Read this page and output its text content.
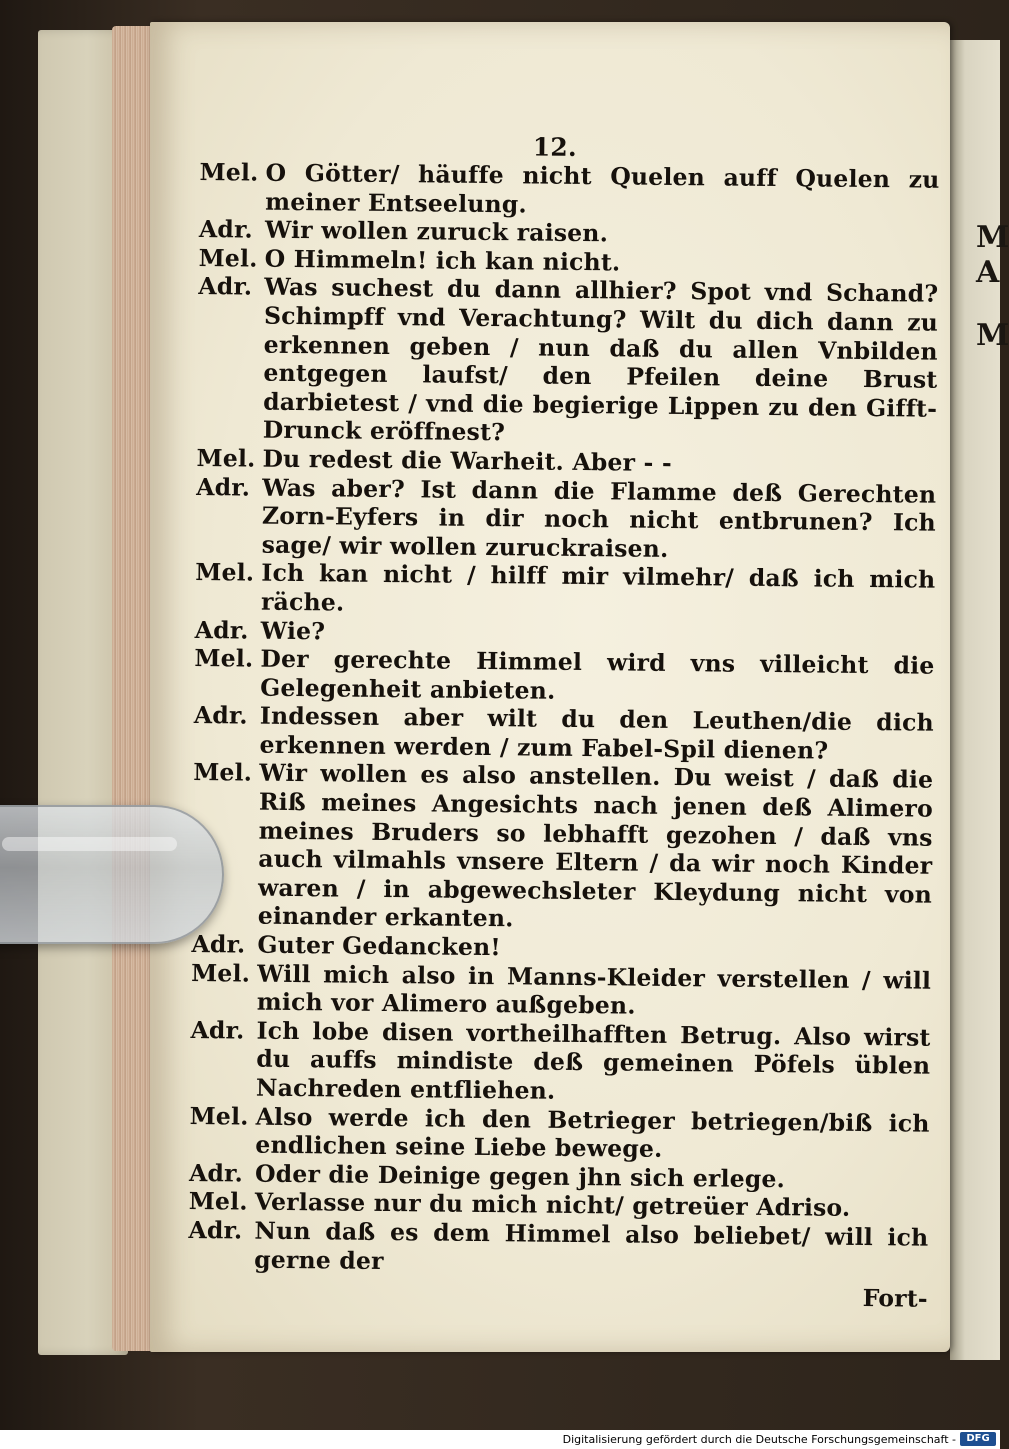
M
A
M
12.
Mel. O Götter/ häuffe nicht Quelen auff Quelen zu meiner Entseelung.
Adr. Wir wollen zuruck raisen.
Mel. O Himmeln! ich kan nicht.
Adr. Was suchest du dann allhier? Spot vnd Schand? Schimpff vnd Verachtung? Wilt du dich dann zu erkennen geben / nun daß du allen Vnbilden entgegen laufst/ den Pfeilen deine Brust darbietest / vnd die begierige Lippen zu den Gifft-Drunck eröffnest?
Mel. Du redest die Warheit. Aber - -
Adr. Was aber? Ist dann die Flamme deß Gerechten Zorn-Eyfers in dir noch nicht entbrunen? Ich sage/ wir wollen zuruckraisen.
Mel. Ich kan nicht / hilff mir vilmehr/ daß ich mich räche.
Adr. Wie?
Mel. Der gerechte Himmel wird vns villeicht die Gelegenheit anbieten.
Adr. Indessen aber wilt du den Leuthen/die dich erkennen werden / zum Fabel-Spil dienen?
Mel. Wir wollen es also anstellen. Du weist / daß die Riß meines Angesichts nach jenen deß Alimero meines Bruders so lebhafft gezohen / daß vns auch vilmahls vnsere Eltern / da wir noch Kinder waren / in abgewechsleter Kleydung nicht von einander erkanten.
Adr. Guter Gedancken!
Mel. Will mich also in Manns-Kleider verstellen / will mich vor Alimero außgeben.
Adr. Ich lobe disen vortheilhafften Betrug. Also wirst du auffs mindiste deß gemeinen Pöfels üblen Nachreden entfliehen.
Mel. Also werde ich den Betrieger betriegen/biß ich endlichen seine Liebe bewege.
Adr. Oder die Deinige gegen jhn sich erlege.
Mel. Verlasse nur du mich nicht/ getreüer Adriso.
Adr. Nun daß es dem Himmel also beliebet/ will ich gerne der
Fort-
Digitalisierung gefördert durch die Deutsche Forschungsgemeinschaft -	DFG
